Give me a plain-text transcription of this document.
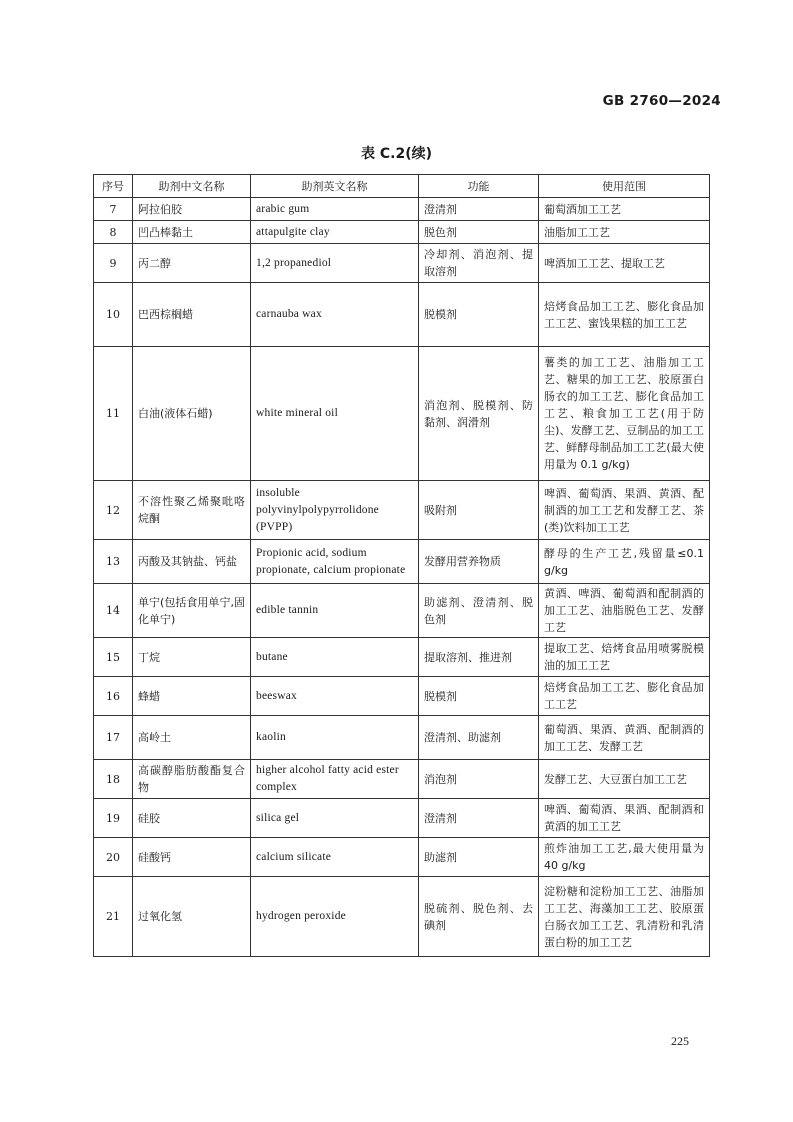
GB 2760—2024
表 C.2(续)
序号	助剂中文名称	助剂英文名称	功能	使用范围
7	阿拉伯胶	arabic gum	澄清剂	葡萄酒加工工艺
8	凹凸棒黏土	attapulgite clay	脱色剂	油脂加工工艺
9	丙二醇	1,2 propanediol	冷却剂、消泡剂、提取溶剂	啤酒加工工艺、提取工艺
10	巴西棕榈蜡	carnauba wax	脱模剂	焙烤食品加工工艺、膨化食品加工工艺、蜜饯果糕的加工工艺
11	白油(液体石蜡)	white mineral oil	消泡剂、脱模剂、防黏剂、润滑剂	薯类的加工工艺、油脂加工工艺、糖果的加工工艺、胶原蛋白肠衣的加工工艺、膨化食品加工工艺、粮食加工工艺(用于防尘)、发酵工艺、豆制品的加工工艺、鲜酵母制品加工工艺(最大使用量为 0.1 g/kg)
12	不溶性聚乙烯聚吡咯烷酮	insoluble polyvinylpolypyrrolidone (PVPP)	吸附剂	啤酒、葡萄酒、果酒、黄酒、配制酒的加工工艺和发酵工艺、茶(类)饮料加工工艺
13	丙酸及其钠盐、钙盐	Propionic acid, sodium propionate, calcium propionate	发酵用营养物质	酵母的生产工艺,残留量≤0.1 g/kg
14	单宁(包括食用单宁,固化单宁)	edible tannin	助滤剂、澄清剂、脱色剂	黄酒、啤酒、葡萄酒和配制酒的加工工艺、油脂脱色工艺、发酵工艺
15	丁烷	butane	提取溶剂、推进剂	提取工艺、焙烤食品用喷雾脱模油的加工工艺
16	蜂蜡	beeswax	脱模剂	焙烤食品加工工艺、膨化食品加工工艺
17	高岭土	kaolin	澄清剂、助滤剂	葡萄酒、果酒、黄酒、配制酒的加工工艺、发酵工艺
18	高碳醇脂肪酸酯复合物	higher alcohol fatty acid ester complex	消泡剂	发酵工艺、大豆蛋白加工工艺
19	硅胶	silica gel	澄清剂	啤酒、葡萄酒、果酒、配制酒和黄酒的加工工艺
20	硅酸钙	calcium silicate	助滤剂	煎炸油加工工艺,最大使用量为 40 g/kg
21	过氧化氢	hydrogen peroxide	脱硫剂、脱色剂、去碘剂	淀粉糖和淀粉加工工艺、油脂加工工艺、海藻加工工艺、胶原蛋白肠衣加工工艺、乳清粉和乳清蛋白粉的加工工艺
225
